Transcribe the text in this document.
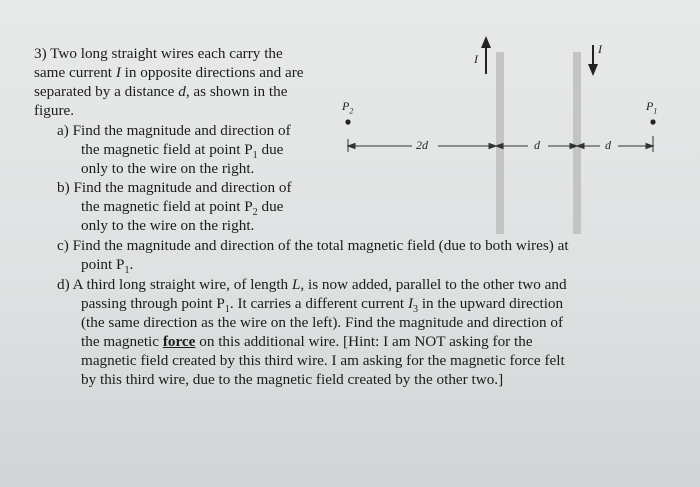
3) Two long straight wires each carry the
same current I in opposite directions and are
separated by a distance d, as shown in the
figure.
a) Find the magnitude and direction of
the magnetic field at point $P_1$ due
only to the wire on the right.
b) Find the magnitude and direction of
the magnetic field at point $P_2$ due
only to the wire on the right.
c) Find the magnitude and direction of the total magnetic field (due to both wires) at
point $P_1$.
d) A third long straight wire, of length L, is now added, parallel to the other two and
passing through point $P_1$. It carries a different current $I_3$ in the upward direction
(the same direction as the wire on the left). Find the magnitude and direction of
the magnetic force on this additional wire. [Hint: I am NOT asking for the
magnetic field created by this third wire. I am asking for the magnetic force felt
by this third wire, due to the magnetic field created by the other two.]
$P_2$	$P_1$
I
I
2d	d	d
